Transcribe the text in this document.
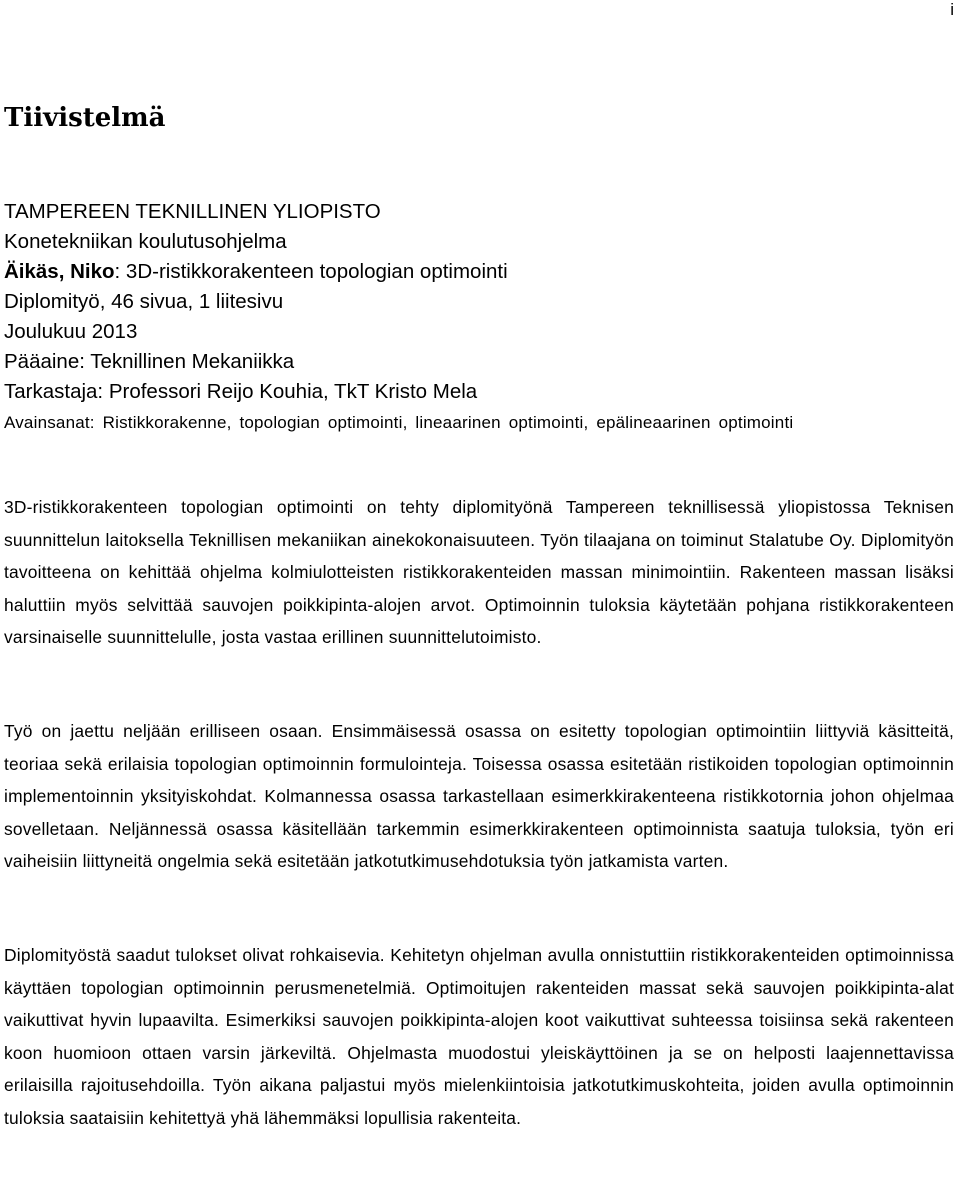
i
Tiivistelmä
TAMPEREEN TEKNILLINEN YLIOPISTO
Konetekniikan koulutusohjelma
Äikäs, Niko: 3D-ristikkorakenteen topologian optimointi
Diplomityö, 46 sivua, 1 liitesivu
Joulukuu 2013
Pääaine: Teknillinen Mekaniikka
Tarkastaja: Professori Reijo Kouhia, TkT Kristo Mela
Avainsanat: Ristikkorakenne, topologian optimointi, lineaarinen optimointi, epälineaarinen optimointi

3D-ristikkorakenteen topologian optimointi on tehty diplomityönä Tampereen teknillisessä yliopistossa Teknisen suunnittelun laitoksella Teknillisen mekaniikan ainekokonaisuuteen. Työn tilaajana on toiminut Stalatube Oy. Diplomityön tavoitteena on kehittää ohjelma kolmiulotteisten ristikkorakenteiden massan minimointiin. Rakenteen massan lisäksi haluttiin myös selvittää sauvojen poikkipinta-alojen arvot. Optimoinnin tuloksia käytetään pohjana ristikkorakenteen varsinaiselle suunnittelulle, josta vastaa erillinen suunnittelutoimisto.

Työ on jaettu neljään erilliseen osaan. Ensimmäisessä osassa on esitetty topologian optimointiin liittyviä käsitteitä, teoriaa sekä erilaisia topologian optimoinnin formulointeja. Toisessa osassa esitetään ristikoiden topologian optimoinnin implementoinnin yksityiskohdat. Kolmannessa osassa tarkastellaan esimerkkirakenteena ristikkotornia johon ohjelmaa sovelletaan. Neljännessä osassa käsitellään tarkemmin esimerkkirakenteen optimoinnista saatuja tuloksia, työn eri vaiheisiin liittyneitä ongelmia sekä esitetään jatkotutkimusehdotuksia työn jatkamista varten.

Diplomityöstä saadut tulokset olivat rohkaisevia. Kehitetyn ohjelman avulla onnistuttiin ristikkorakenteiden optimoinnissa käyttäen topologian optimoinnin perusmenetelmiä. Optimoitujen rakenteiden massat sekä sauvojen poikkipinta-alat vaikuttivat hyvin lupaavilta. Esimerkiksi sauvojen poikkipinta-alojen koot vaikuttivat suhteessa toisiinsa sekä rakenteen koon huomioon ottaen varsin järkeviltä. Ohjelmasta muodostui yleiskäyttöinen ja se on helposti laajennettavissa erilaisilla rajoitusehdoilla. Työn aikana paljastui myös mielenkiintoisia jatkotutkimuskohteita, joiden avulla optimoinnin tuloksia saataisiin kehitettyä yhä lähemmäksi lopullisia rakenteita.
